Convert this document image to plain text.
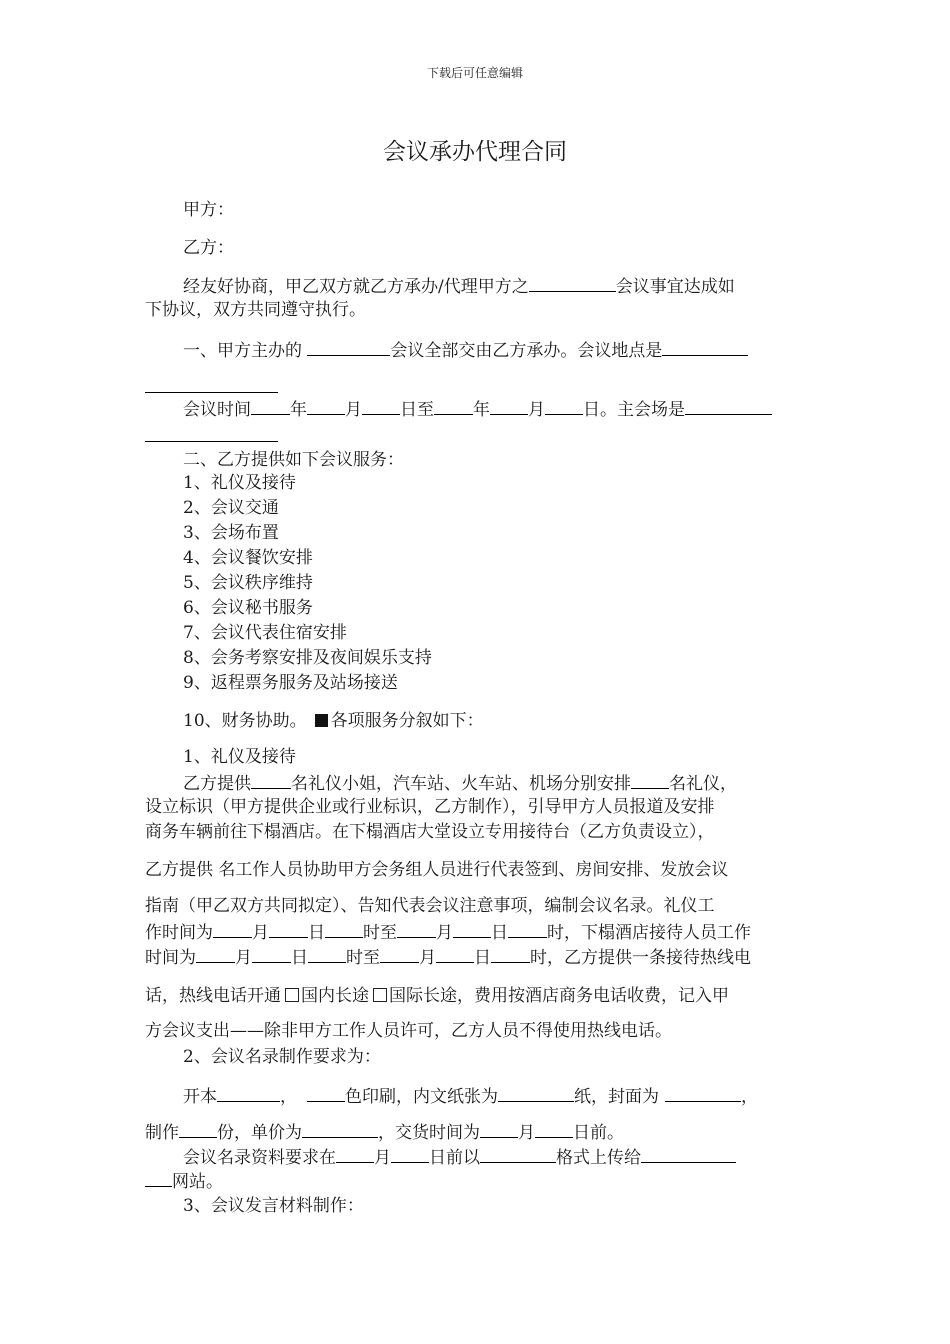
下载后可任意编辑
会议承办代理合同
甲方：
乙方：
经友好协商，甲乙双方就乙方承办/代理甲方之	会议事宜达成如
下协议，双方共同遵守执行。
一、甲方主办的	会议全部交由乙方承办。会议地点是
会议时间 年 月 日至 年 月 日。主会场是
二、乙方提供如下会议服务：
1、礼仪及接待
2、会议交通
3、会场布置
4、会议餐饮安排
5、会议秩序维持
6、会议秘书服务
7、会议代表住宿安排
8、会务考察安排及夜间娱乐支持
9、返程票务服务及站场接送
10、财务协助。 各项服务分叙如下：
1、礼仪及接待
乙方提供 名礼仪小姐，汽车站、火车站、机场分别安排 名礼仪，
设立标识（甲方提供企业或行业标识，乙方制作），引导甲方人员报道及安排
商务车辆前往下榻酒店。在下榻酒店大堂设立专用接待台（乙方负责设立），
乙方提供 名工作人员协助甲方会务组人员进行代表签到、房间安排、发放会议
指南（甲乙双方共同拟定）、告知代表会议注意事项，编制会议名录。礼仪工
作时间为 月 日 时至 月 日 时，下榻酒店接待人员工作
时间为 月 日 时至 月 日 时，乙方提供一条接待热线电
话，热线电话开通 国内长途 国际长途，费用按酒店商务电话收费，记入甲
方会议支出——除非甲方工作人员许可，乙方人员不得使用热线电话。
2、会议名录制作要求为：
开本	，	色印刷，内文纸张为	纸，封面为	，
制作 份，单价为	，交货时间为 月 日前。
会议名录资料要求在 月 日前以	格式上传给
网站。
3、会议发言材料制作：
